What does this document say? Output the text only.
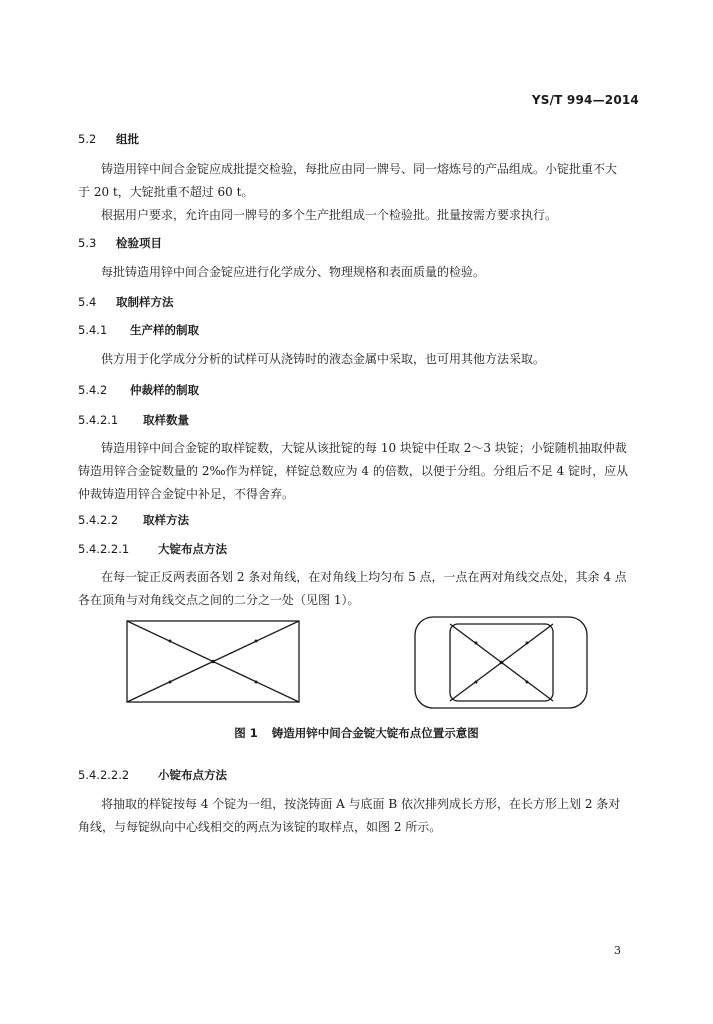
YS/T 994—2014
5.2 组批
铸造用锌中间合金锭应成批提交检验，每批应由同一牌号、同一熔炼号的产品组成。小锭批重不大
于 20 t，大锭批重不超过 60 t。
根据用户要求，允许由同一牌号的多个生产批组成一个检验批。批量按需方要求执行。
5.3 检验项目
每批铸造用锌中间合金锭应进行化学成分、物理规格和表面质量的检验。
5.4 取制样方法
5.4.1 生产样的制取
供方用于化学成分分析的试样可从浇铸时的液态金属中采取，也可用其他方法采取。
5.4.2 仲裁样的制取
5.4.2.1 取样数量
铸造用锌中间合金锭的取样锭数，大锭从该批锭的每 10 块锭中任取 2～3 块锭；小锭随机抽取仲裁
铸造用锌合金锭数量的 2‰作为样锭，样锭总数应为 4 的倍数，以便于分组。分组后不足 4 锭时，应从
仲裁铸造用锌合金锭中补足，不得舍弃。
5.4.2.2 取样方法
5.4.2.2.1	大锭布点方法
在每一锭正反两表面各划 2 条对角线，在对角线上均匀布 5 点，一点在两对角线交点处，其余 4 点
各在顶角与对角线交点之间的二分之一处（见图 1）。
图 1 铸造用锌中间合金锭大锭布点位置示意图
5.4.2.2.2	小锭布点方法
将抽取的样锭按每 4 个锭为一组，按浇铸面 A 与底面 B 依次排列成长方形，在长方形上划 2 条对
角线，与每锭纵向中心线相交的两点为该锭的取样点，如图 2 所示。
3
